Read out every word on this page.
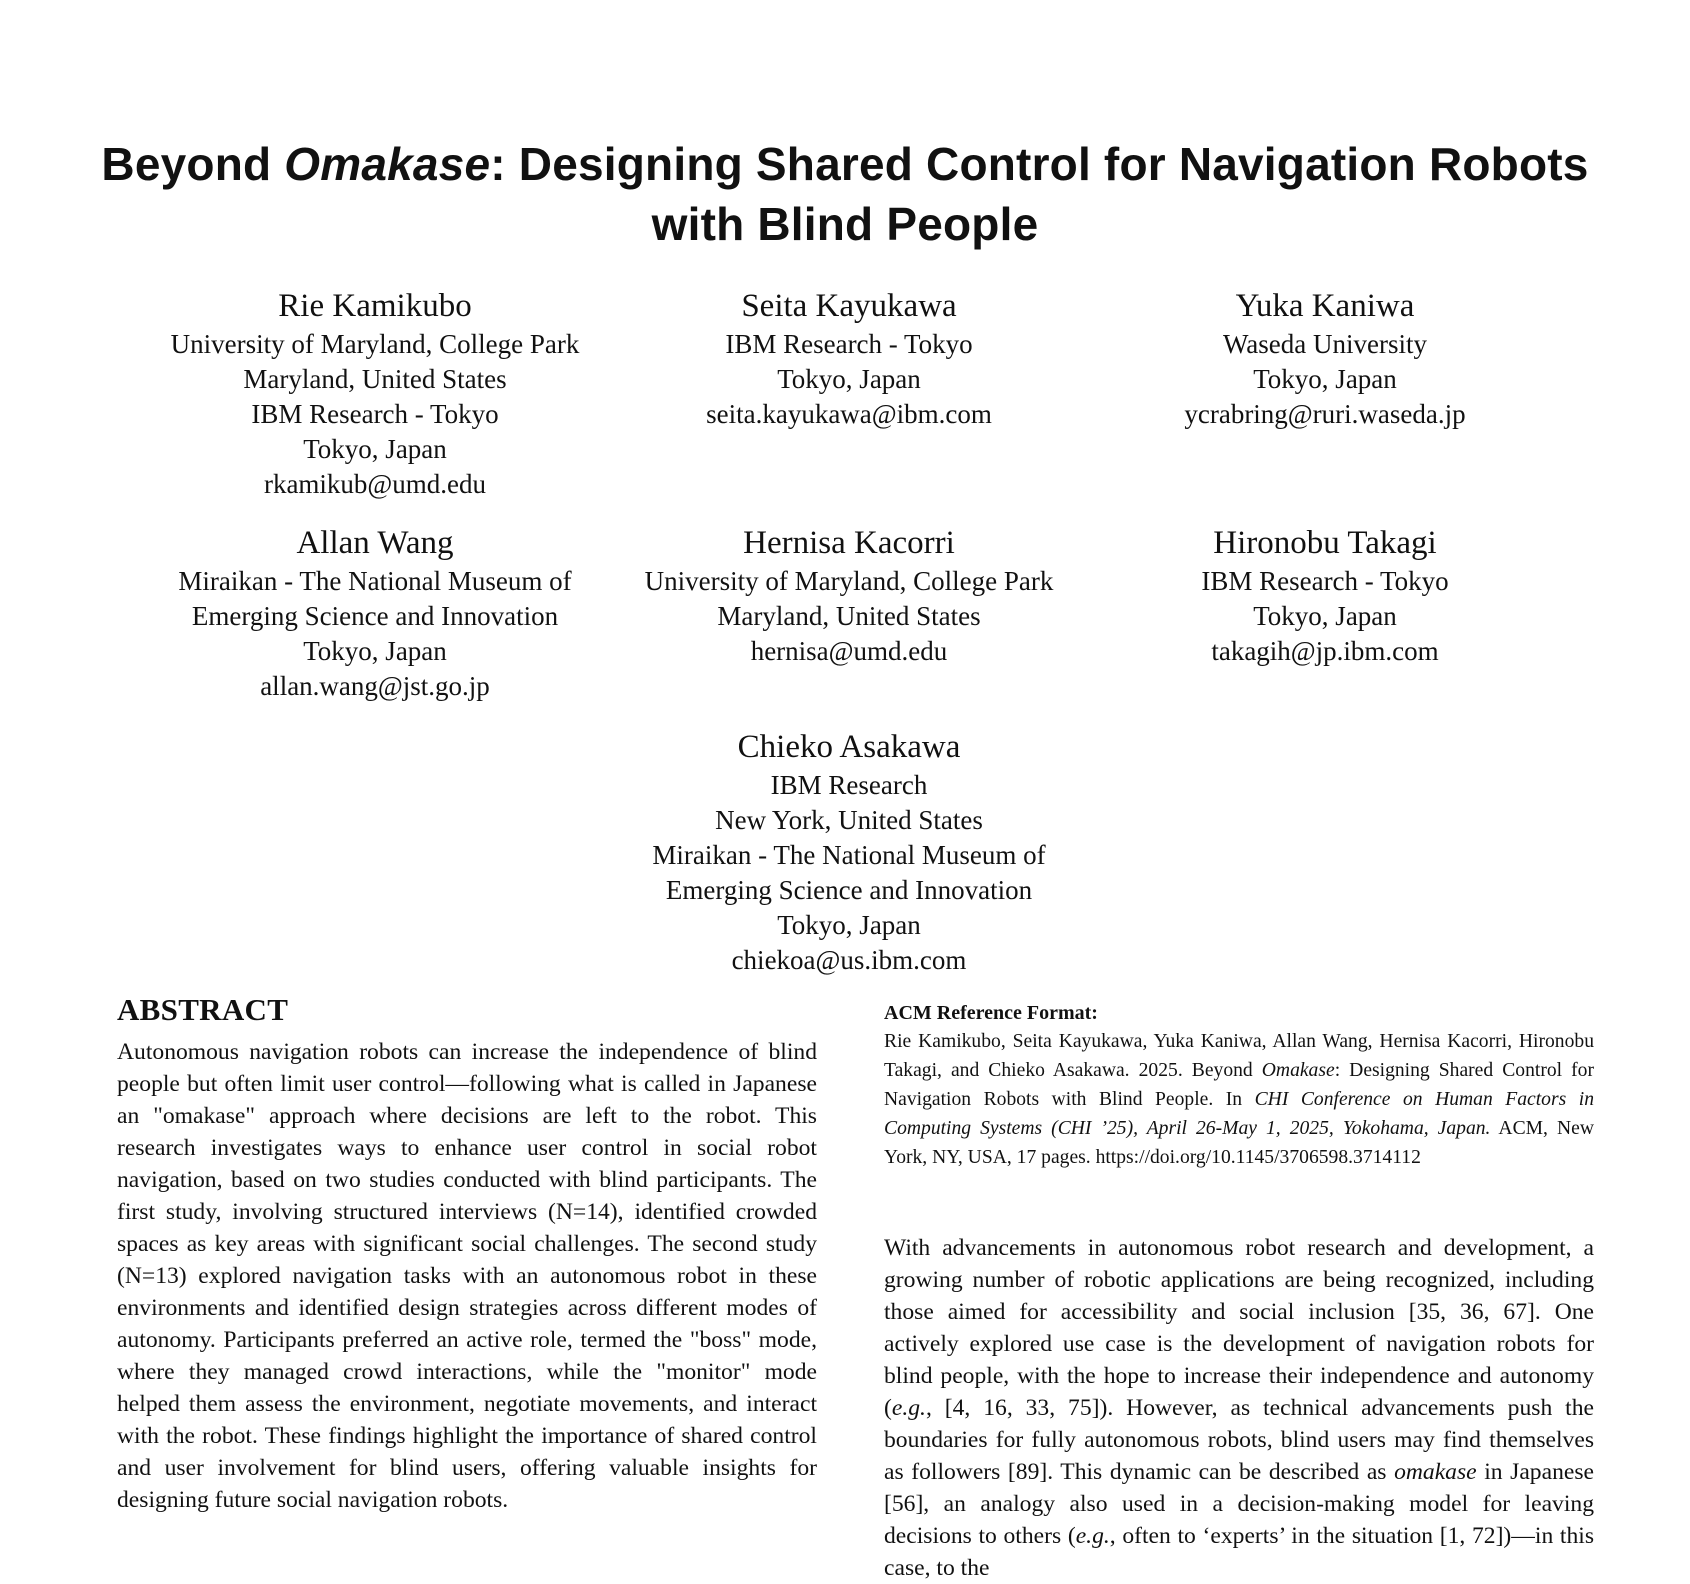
Beyond Omakase: Designing Shared Control for Navigation Robots with Blind People
Rie Kamikubo
University of Maryland, College Park
Maryland, United States
IBM Research - Tokyo
Tokyo, Japan
rkamikub@umd.edu
Seita Kayukawa
IBM Research - Tokyo
Tokyo, Japan
seita.kayukawa@ibm.com
Yuka Kaniwa
Waseda University
Tokyo, Japan
ycrabring@ruri.waseda.jp
Allan Wang
Miraikan - The National Museum of
Emerging Science and Innovation
Tokyo, Japan
allan.wang@jst.go.jp
Hernisa Kacorri
University of Maryland, College Park
Maryland, United States
hernisa@umd.edu
Hironobu Takagi
IBM Research - Tokyo
Tokyo, Japan
takagih@jp.ibm.com
Chieko Asakawa
IBM Research
New York, United States
Miraikan - The National Museum of
Emerging Science and Innovation
Tokyo, Japan
chiekoa@us.ibm.com
ABSTRACT
Autonomous navigation robots can increase the independence of blind people but often limit user control—following what is called in Japanese an "omakase" approach where decisions are left to the robot. This research investigates ways to enhance user control in social robot navigation, based on two studies conducted with blind participants. The first study, involving structured interviews (N=14), identified crowded spaces as key areas with significant social challenges. The second study (N=13) explored navigation tasks with an autonomous robot in these environments and identified design strategies across different modes of autonomy. Participants preferred an active role, termed the "boss" mode, where they managed crowd interactions, while the "monitor" mode helped them assess the environment, negotiate movements, and interact with the robot. These findings highlight the importance of shared control and user involvement for blind users, offering valuable insights for designing future social navigation robots.
ACM Reference Format:
Rie Kamikubo, Seita Kayukawa, Yuka Kaniwa, Allan Wang, Hernisa Kacorri, Hironobu Takagi, and Chieko Asakawa. 2025. Beyond Omakase: Designing Shared Control for Navigation Robots with Blind People. In CHI Conference on Human Factors in Computing Systems (CHI ’25), April 26-May 1, 2025, Yokohama, Japan. ACM, New York, NY, USA, 17 pages. https://doi.org/10.1145/3706598.3714112
With advancements in autonomous robot research and development, a growing number of robotic applications are being recognized, including those aimed for accessibility and social inclusion [35, 36, 67]. One actively explored use case is the development of navigation robots for blind people, with the hope to increase their independence and autonomy (e.g., [4, 16, 33, 75]). However, as technical advancements push the boundaries for fully autonomous robots, blind users may find themselves as followers [89]. This dynamic can be described as omakase in Japanese [56], an analogy also used in a decision-making model for leaving decisions to others (e.g., often to ‘experts’ in the situation [1, 72])—in this case, to the
